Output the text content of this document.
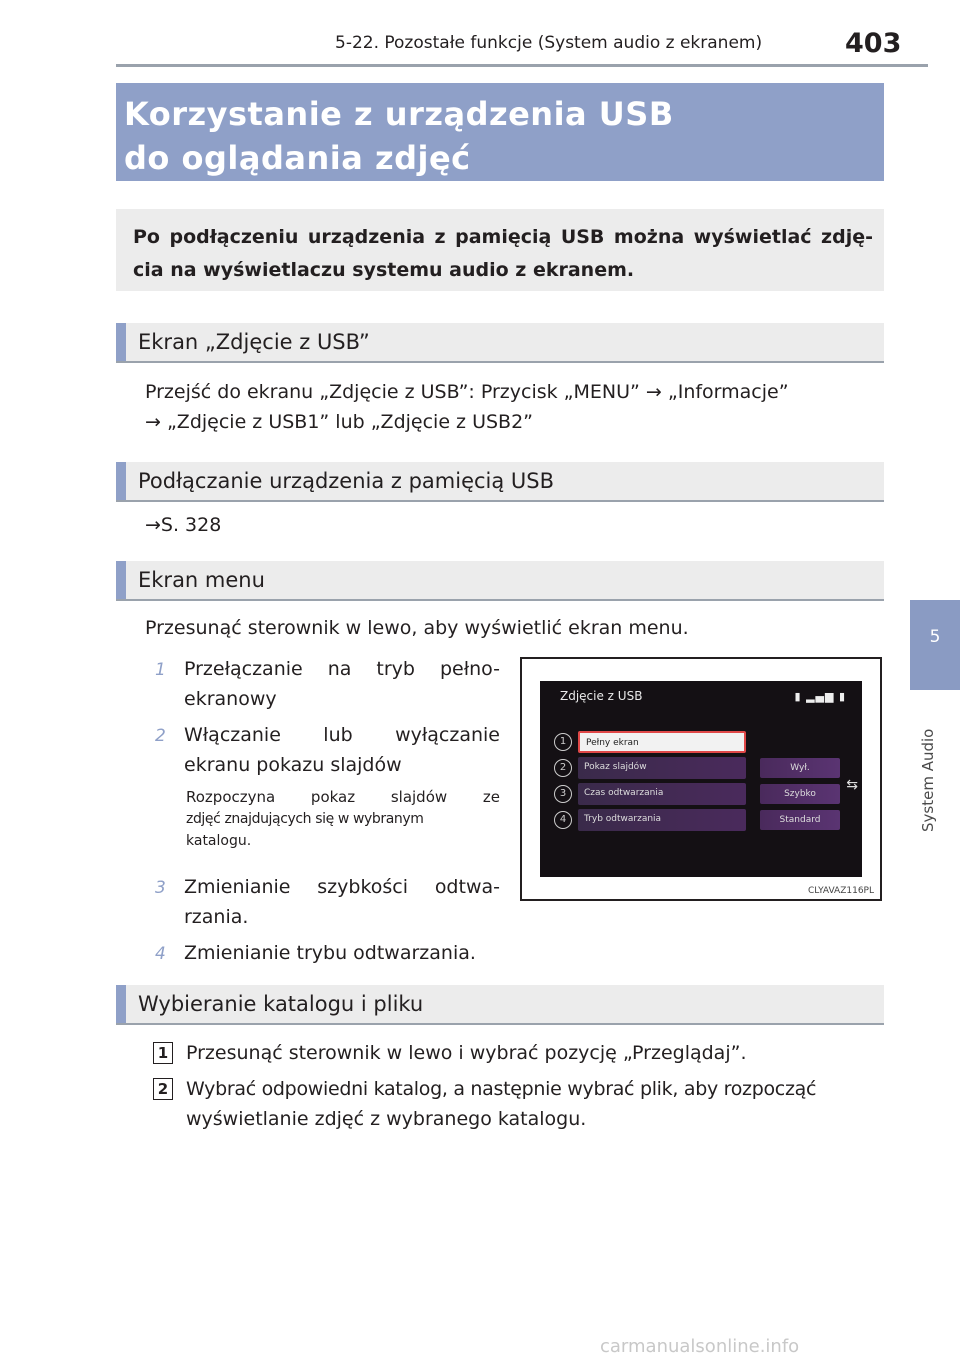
5-22. Pozostałe funkcje (System audio z ekranem)	403
5
System Audio
Korzystanie z urządzenia USB
do oglądania zdjęć
Po podłączeniu urządzenia z pamięcią USB można wyświetlać zdję-cia na wyświetlaczu systemu audio z ekranem.
Ekran „Zdjęcie z USB”
Przejść do ekranu „Zdjęcie z USB”: Przycisk „MENU” → „Informacje”
→ „Zdjęcie z USB1” lub „Zdjęcie z USB2”
Podłączanie urządzenia z pamięcią USB
→S. 328
Ekran menu
Przesunąć sterownik w lewo, aby wyświetlić ekran menu.
1 Przełączanie na tryb pełno-
ekranowy
2 Włączanie lub wyłączanie
ekranu pokazu slajdów
Rozpoczyna pokaz slajdów ze
zdjęć znajdujących się w wybranym
katalogu.
3 Zmienianie szybkości odtwa-
rzania.
4 Zmienianie trybu odtwarzania.
Zdjęcie z USB	▮ ▂▄▆ ▮
1	Pełny ekran
2	Pokaz slajdów	Wył.
3	Czas odtwarzania	Szybko
4	Tryb odtwarzania	Standard
⇆
CLYAVAZ116PL
Wybieranie katalogu i pliku
1 Przesunąć sterownik w lewo i wybrać pozycję „Przeglądaj”.
2 Wybrać odpowiedni katalog, a następnie wybrać plik, aby rozpocząć
wyświetlanie zdjęć z wybranego katalogu.
carmanualsonline.info
